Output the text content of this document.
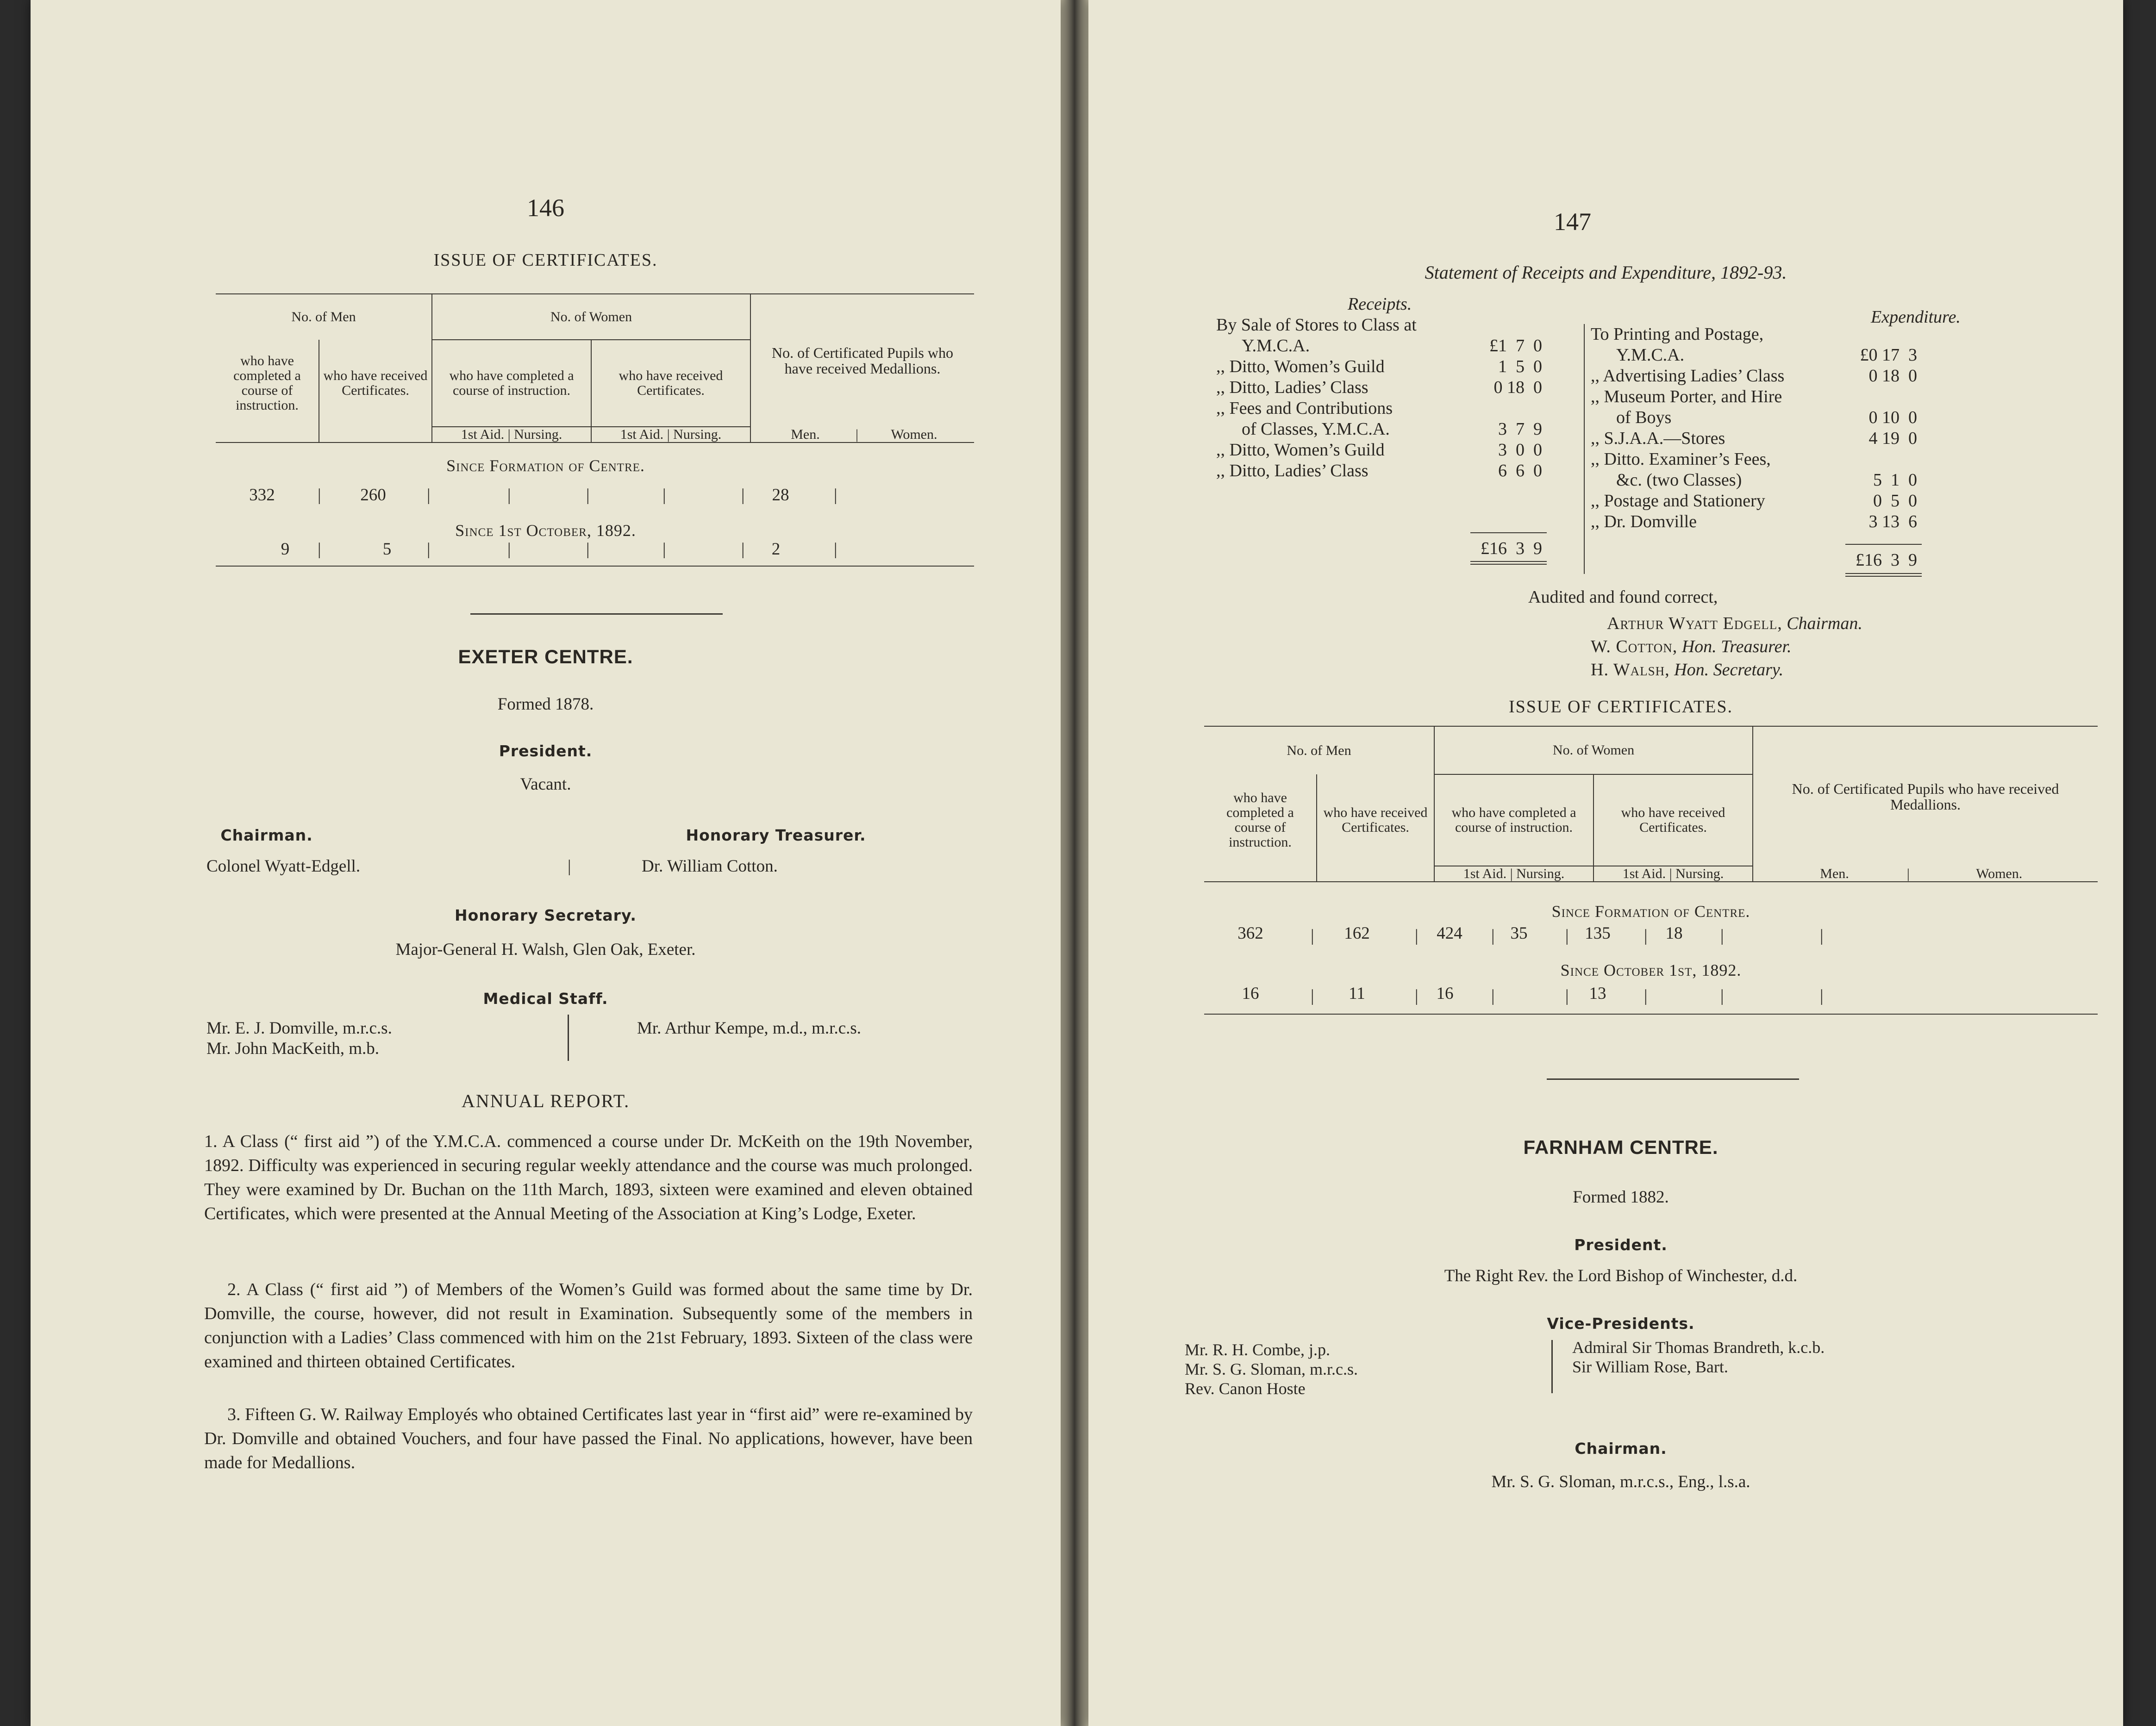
146
ISSUE OF CERTIFICATES.
No. of Men		No. of Women		No. of Certificated Pupils who have received Medallions.
who have completed a course of instruction.	who have received Certificates.	who have completed a course of instruction.	who have received Certificates.	
		1st Aid. | Nursing.	1st Aid. | Nursing.	Men. | Women.
Since Formation of Centre.
332	|	260	|	|	|	|	|	28	|
Since 1st October, 1892.
9	|	5	|	|	|	|	|	2	|
EXETER CENTRE.
Formed 1878.
President.
Vacant.
Chairman.	Honorary Treasurer.
Colonel Wyatt-Edgell.	|	Dr. William Cotton.
Honorary Secretary.
Major-General H. Walsh, Glen Oak, Exeter.
Medical Staff.
Mr. E. J. Domville, m.r.c.s.
Mr. John MacKeith, m.b.
Mr. Arthur Kempe, m.d., m.r.c.s.
ANNUAL REPORT.
1. A Class (“ first aid ”) of the Y.M.C.A. commenced a course under Dr. McKeith on the 19th November, 1892. Difficulty was experienced in securing regular weekly attendance and the course was much prolonged. They were examined by Dr. Buchan on the 11th March, 1893, sixteen were examined and eleven obtained Certificates, which were presented at the Annual Meeting of the Association at King’s Lodge, Exeter.
2. A Class (“ first aid ”) of Members of the Women’s Guild was formed about the same time by Dr. Domville, the course, however, did not result in Examination. Subsequently some of the members in conjunction with a Ladies’ Class commenced with him on the 21st February, 1893. Sixteen of the class were examined and thirteen obtained Certificates.
3. Fifteen G. W. Railway Employés who obtained Certificates last year in “first aid” were re-examined by Dr. Domville and obtained Vouchers, and four have passed the Final. No applications, however, have been made for Medallions.
147
Statement of Receipts and Expenditure, 1892-93.
Receipts.
Expenditure.
By Sale of Stores to Class at
Y.M.C.A.	£1  7  0
,, Ditto, Women’s Guild	1  5  0
,, Ditto, Ladies’ Class	0 18  0
,, Fees and Contributions
of Classes, Y.M.C.A.	3  7  9
,, Ditto, Women’s Guild	3  0  0
,, Ditto, Ladies’ Class	6  6  0
£16  3  9
To Printing and Postage,
Y.M.C.A.	£0 17  3
,, Advertising Ladies’ Class	0 18  0
,, Museum Porter, and Hire
of Boys	0 10  0
,, S.J.A.A.—Stores	4 19  0
,, Ditto. Examiner’s Fees,
&c. (two Classes)	5  1  0
,, Postage and Stationery	0  5  0
,, Dr. Domville	3 13  6
£16  3  9
Audited and found correct,
Arthur Wyatt Edgell, Chairman.
W. Cotton, Hon. Treasurer.
H. Walsh, Hon. Secretary.
ISSUE OF CERTIFICATES.
No. of Men		No. of Women		No. of Certificated Pupils who have received Medallions.
who have completed a course of instruction.	who have received Certificates.	who have completed a course of instruction.	who have received Certificates.	
		1st Aid. | Nursing.	1st Aid. | Nursing.	Men. | Women.
Since Formation of Centre.
362	|	162	|	424	| 35	| 135	|	18	|	|
Since October 1st, 1892.
16	|	11	|	16	|	|	13	|	|	|
FARNHAM CENTRE.
Formed 1882.
President.
The Right Rev. the Lord Bishop of Winchester, d.d.
Vice-Presidents.
Mr. R. H. Combe, j.p.
Mr. S. G. Sloman, m.r.c.s.
Rev. Canon Hoste
Admiral Sir Thomas Brandreth, k.c.b.
Sir William Rose, Bart.
Chairman.
Mr. S. G. Sloman, m.r.c.s., Eng., l.s.a.
